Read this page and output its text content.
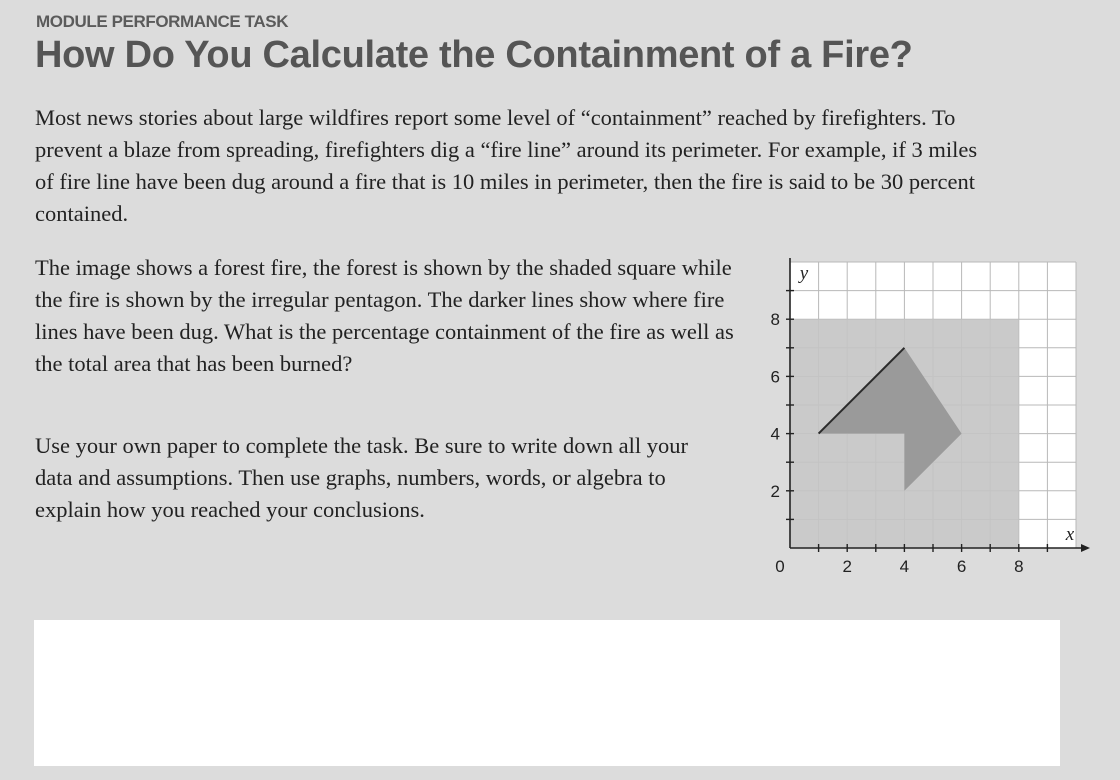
MODULE PERFORMANCE TASK
How Do You Calculate the Containment of a Fire?

Most news stories about large wildfires report some level of “containment” reached by firefighters. To prevent a blaze from spreading, firefighters dig a “fire line” around its perimeter. For example, if 3 miles of fire line have been dug around a fire that is 10 miles in perimeter, then the fire is said to be 30 percent contained.

The image shows a forest fire, the forest is shown by the shaded square while the fire is shown by the irregular pentagon. The darker lines show where fire lines have been dug. What is the percentage containment of the fire as well as the total area that has been burned?

Use your own paper to complete the task. Be sure to write down all your data and assumptions. Then use graphs, numbers, words, or algebra to explain how you reached your conclusions.

2	4	6	8
2
4
6
8
0
x
y
